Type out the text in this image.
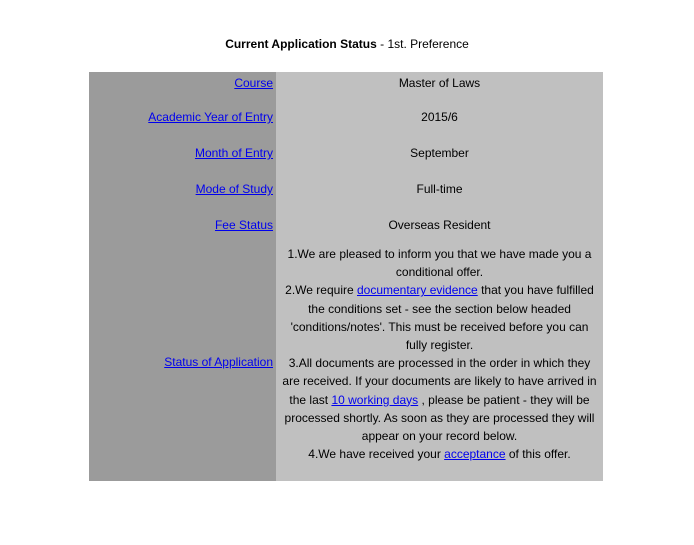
Current Application Status - 1st. Preference
Course	Master of Laws
Academic Year of Entry	2015/6
Month of Entry	September
Mode of Study	Full-time
Fee Status	Overseas Resident
Status of Application	1.We are pleased to inform you that we have made you a conditional offer.
2.We require documentary evidence that you have fulfilled the conditions set - see the section below headed 'conditions/notes'. This must be received before you can fully register.
3.All documents are processed in the order in which they are received. If your documents are likely to have arrived in the last 10 working days , please be patient - they will be processed shortly. As soon as they are processed they will appear on your record below.
4.We have received your acceptance of this offer.
